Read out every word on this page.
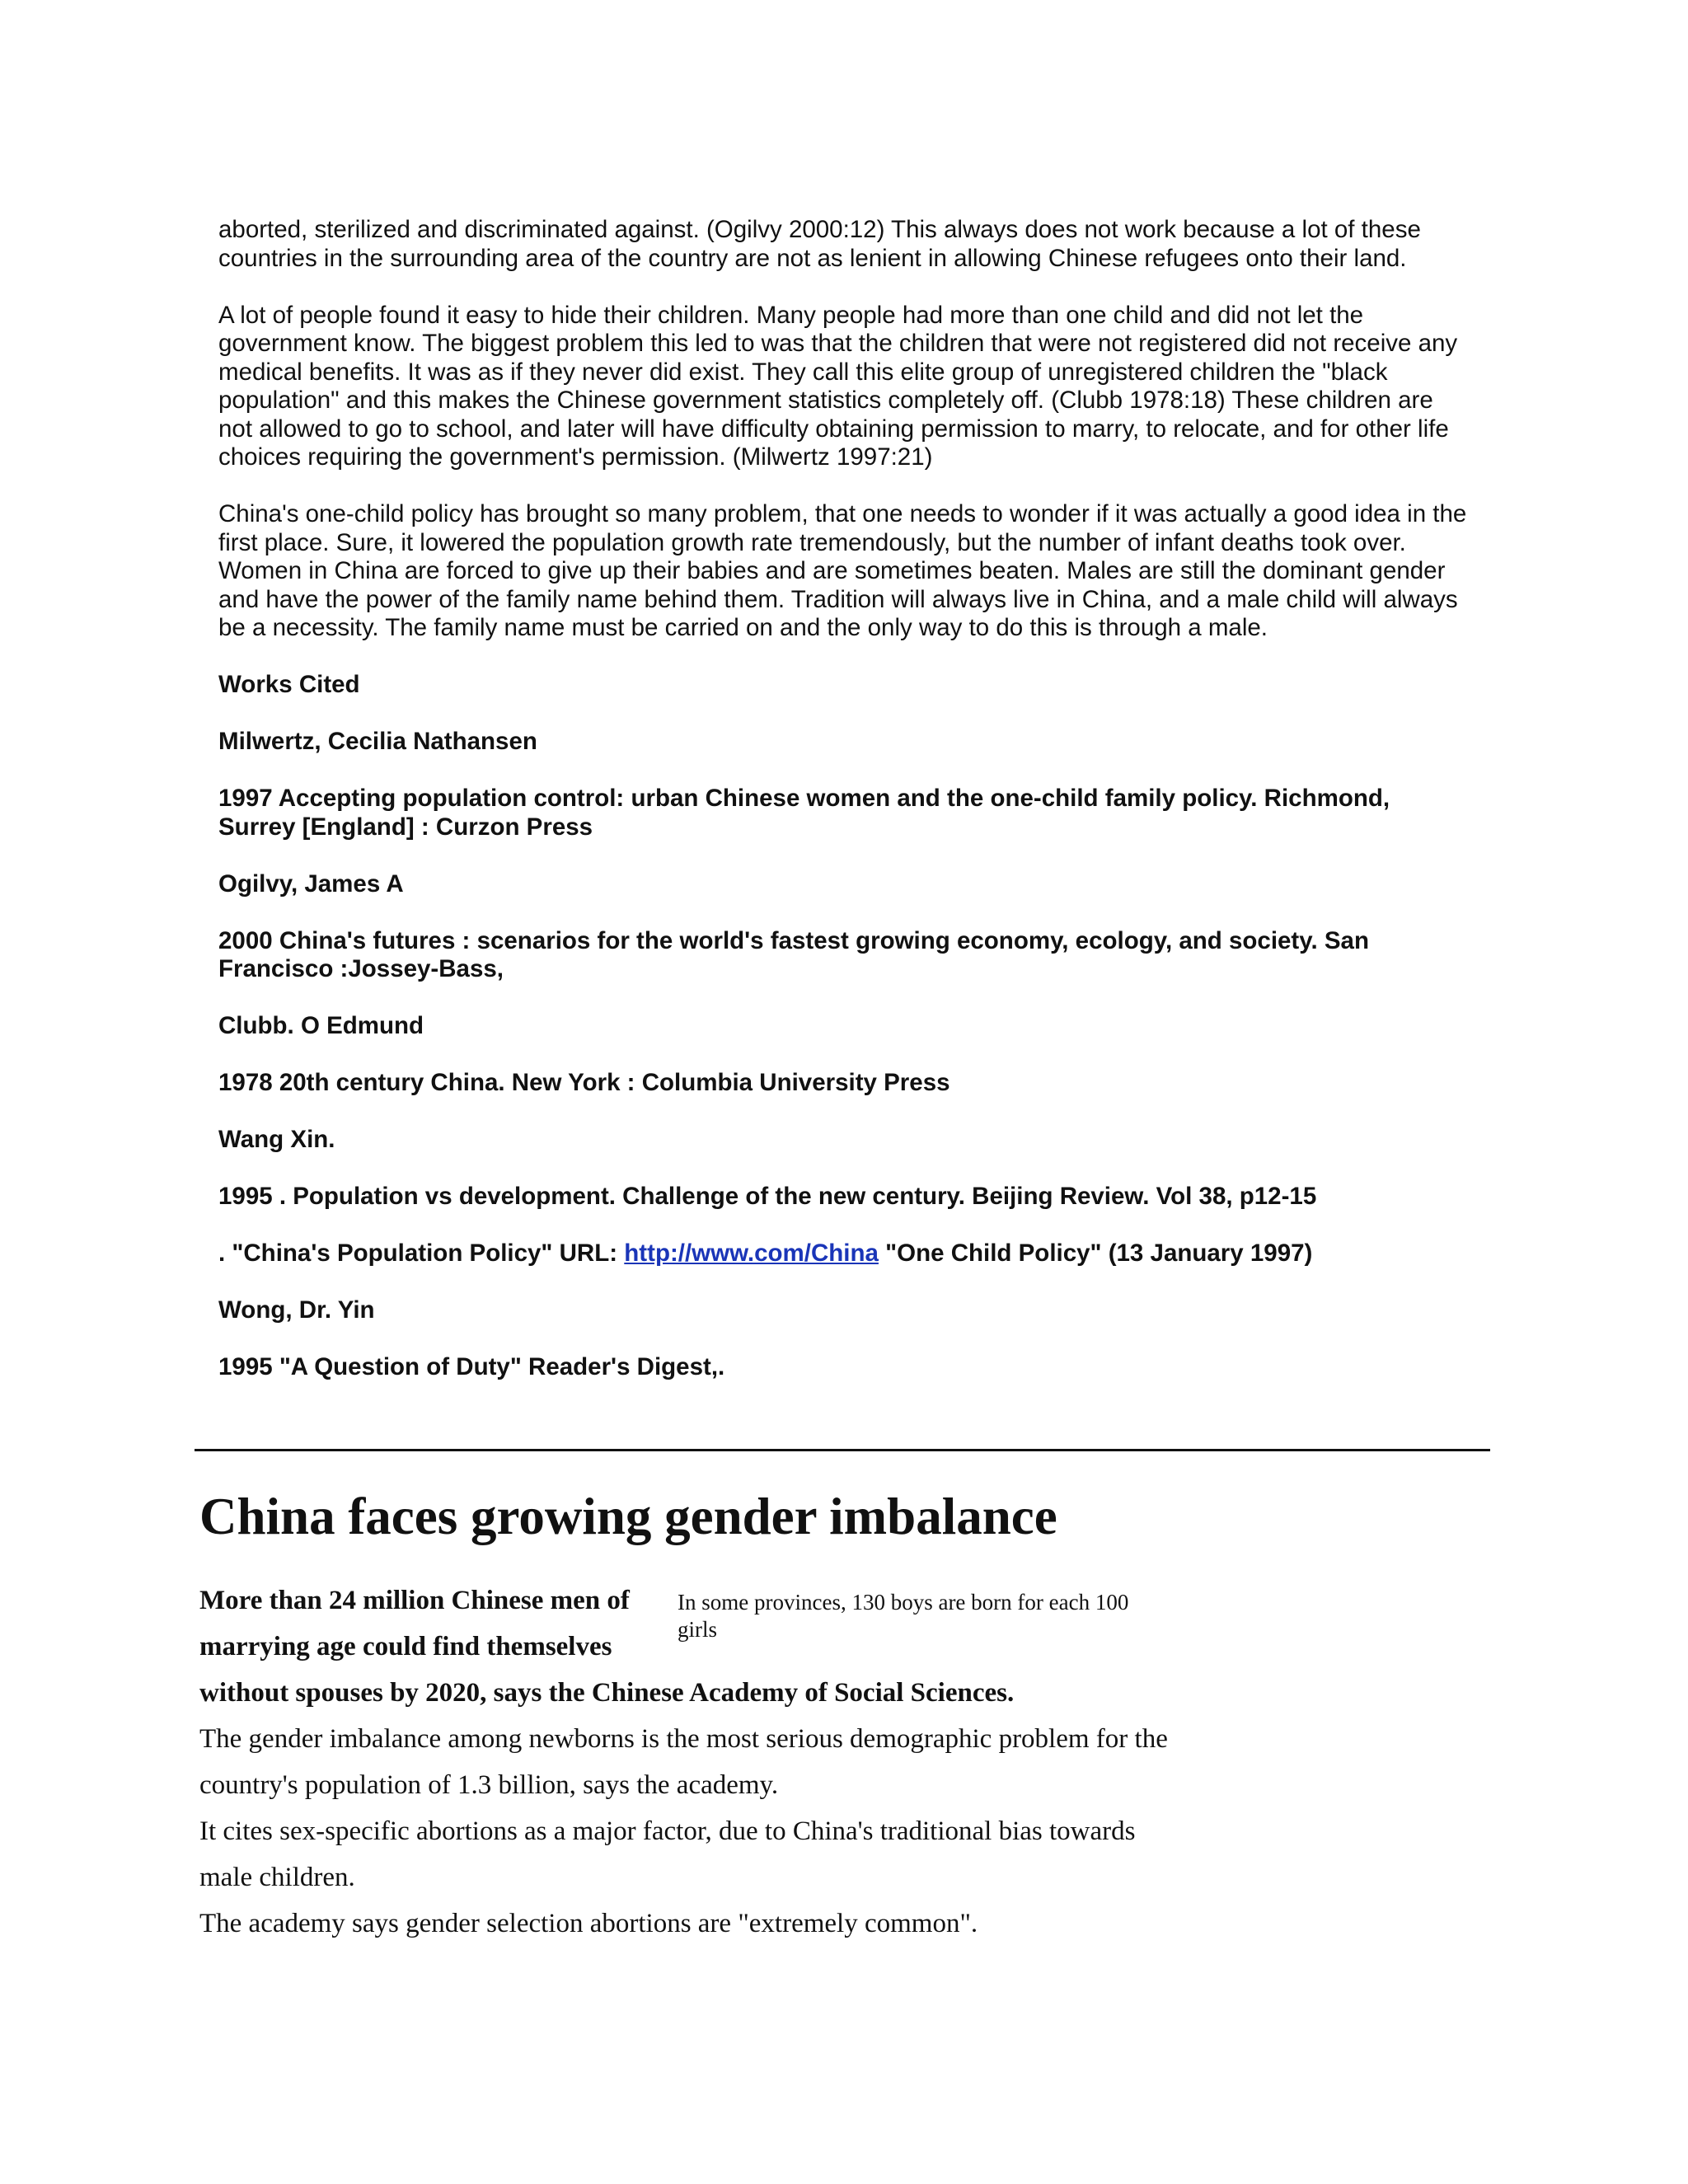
aborted, sterilized and discriminated against. (Ogilvy 2000:12) This always does not work because a lot of these countries in the surrounding area of the country are not as lenient in allowing Chinese refugees onto their land.

A lot of people found it easy to hide their children. Many people had more than one child and did not let the government know. The biggest problem this led to was that the children that were not registered did not receive any medical benefits. It was as if they never did exist. They call this elite group of unregistered children the "black population" and this makes the Chinese government statistics completely off. (Clubb 1978:18) These children are not allowed to go to school, and later will have difficulty obtaining permission to marry, to relocate, and for other life choices requiring the government's permission. (Milwertz 1997:21)

China's one-child policy has brought so many problem, that one needs to wonder if it was actually a good idea in the first place. Sure, it lowered the population growth rate tremendously, but the number of infant deaths took over. Women in China are forced to give up their babies and are sometimes beaten. Males are still the dominant gender and have the power of the family name behind them. Tradition will always live in China, and a male child will always be a necessity. The family name must be carried on and the only way to do this is through a male.

Works Cited

Milwertz, Cecilia Nathansen

1997 Accepting population control: urban Chinese women and the one-child family policy. Richmond, Surrey [England] : Curzon Press

Ogilvy, James A

2000 China's futures : scenarios for the world's fastest growing economy, ecology, and society. San Francisco :Jossey-Bass,

Clubb. O Edmund

1978 20th century China. New York : Columbia University Press

Wang Xin.

1995 . Population vs development. Challenge of the new century. Beijing Review. Vol 38, p12-15

. "China's Population Policy" URL: http://www.com/China "One Child Policy" (13 January 1997)

Wong, Dr. Yin

1995 "A Question of Duty" Reader's Digest,.

China faces growing gender imbalance
In some provinces, 130 boys are born for each 100 girls

More than 24 million Chinese men of marrying age could find themselves without spouses by 2020, says the Chinese Academy of Social Sciences.

The gender imbalance among newborns is the most serious demographic problem for the country's population of 1.3 billion, says the academy.

It cites sex-specific abortions as a major factor, due to China's traditional bias towards male children.

The academy says gender selection abortions are "extremely common".
